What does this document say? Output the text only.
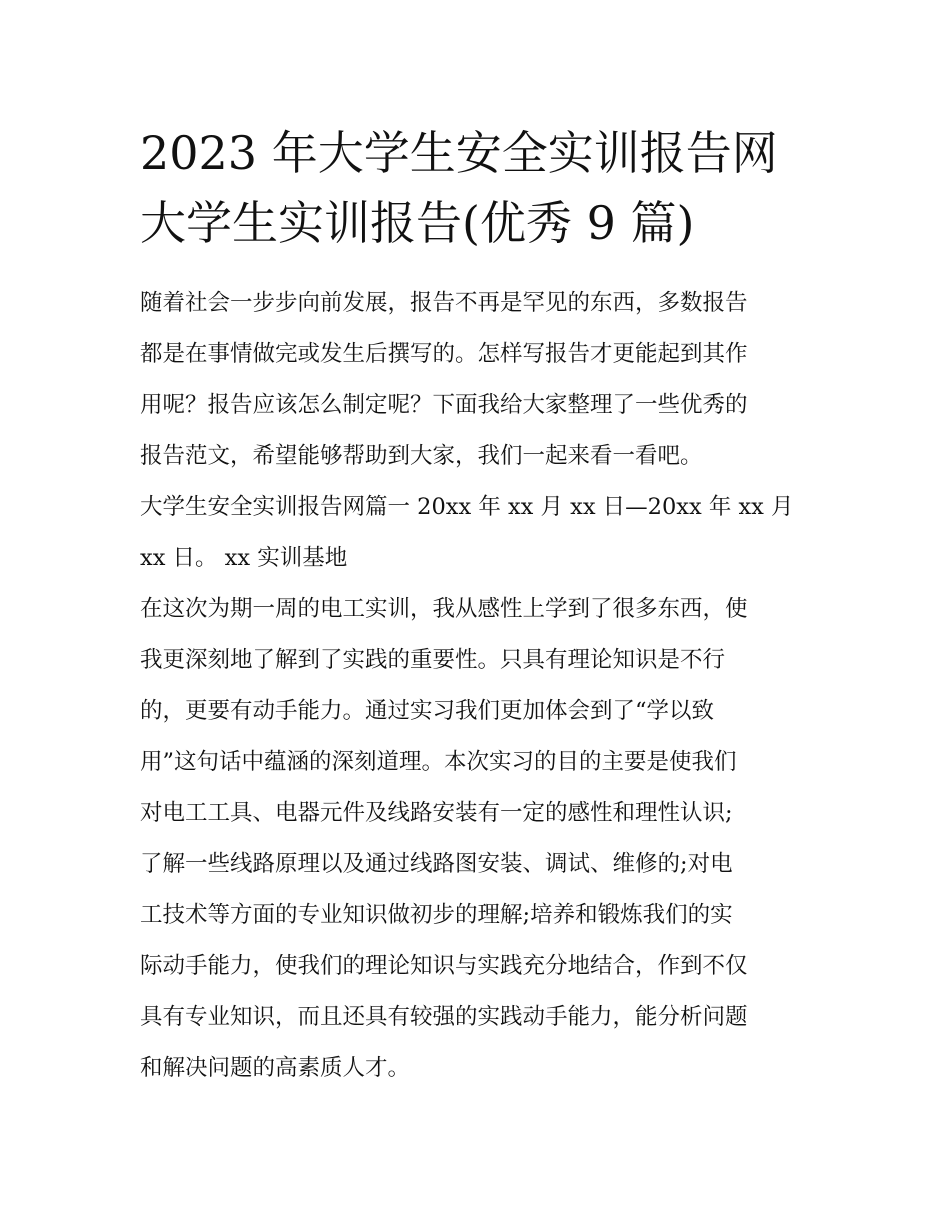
2023 年大学生安全实训报告网
大学生实训报告(优秀 9 篇)

随着社会一步步向前发展，报告不再是罕见的东西，多数报告
都是在事情做完或发生后撰写的。怎样写报告才更能起到其作
用呢？报告应该怎么制定呢？下面我给大家整理了一些优秀的
报告范文，希望能够帮助到大家，我们一起来看一看吧。

大学生安全实训报告网篇一 20xx 年 xx 月 xx 日—20xx 年 xx 月
xx 日。 xx 实训基地

在这次为期一周的电工实训，我从感性上学到了很多东西，使
我更深刻地了解到了实践的重要性。只具有理论知识是不行
的，更要有动手能力。通过实习我们更加体会到了“学以致
用”这句话中蕴涵的深刻道理。本次实习的目的主要是使我们
对电工工具、电器元件及线路安装有一定的感性和理性认识;
了解一些线路原理以及通过线路图安装、调试、维修的;对电
工技术等方面的专业知识做初步的理解;培养和锻炼我们的实
际动手能力，使我们的理论知识与实践充分地结合，作到不仅
具有专业知识，而且还具有较强的实践动手能力，能分析问题
和解决问题的高素质人才。
